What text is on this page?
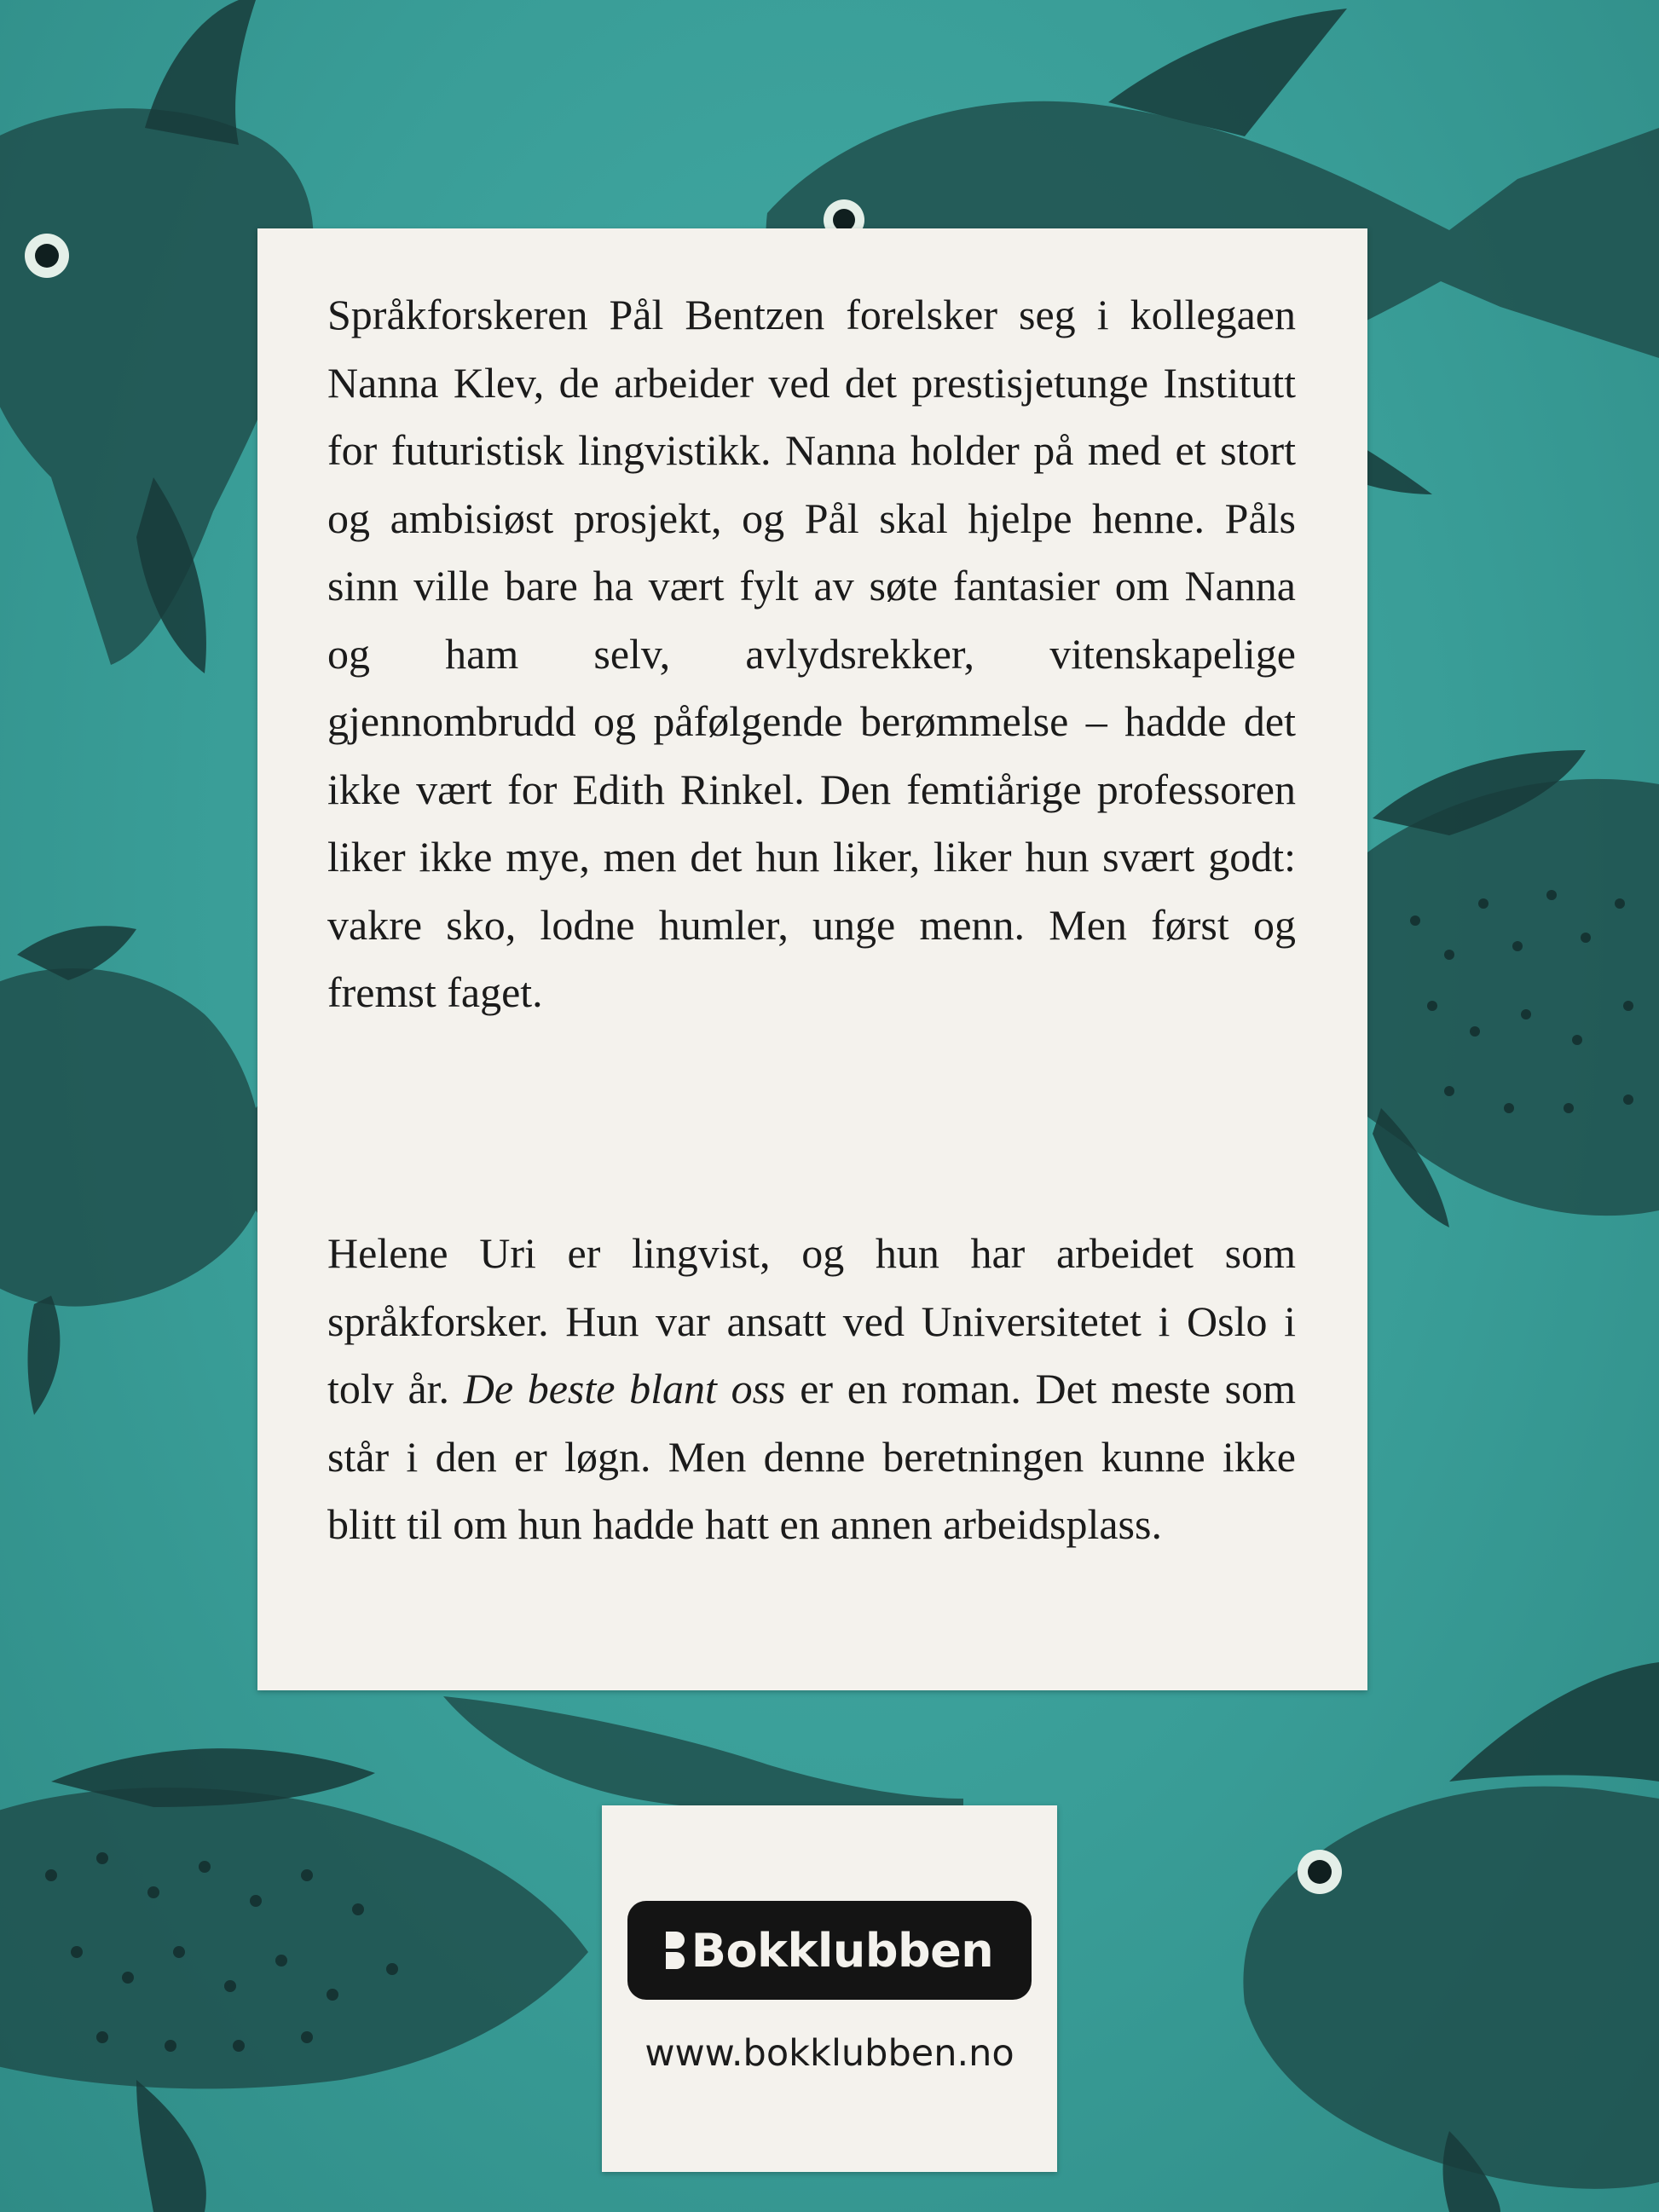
Språkforskeren Pål Bentzen forelsker seg i kollegaen Nanna Klev, de arbeider ved det prestisjetunge Institutt for futuristisk lingvistikk. Nanna holder på med et stort og ambisiøst prosjekt, og Pål skal hjelpe henne. Påls sinn ville bare ha vært fylt av søte fantasier om Nanna og ham selv, avlydsrekker, vitenskapelige gjennombrudd og påfølgende berømmelse – hadde det ikke vært for Edith Rinkel. Den femtiårige professoren liker ikke mye, men det hun liker, liker hun svært godt: vakre sko, lodne humler, unge menn. Men først og fremst faget.

Helene Uri er lingvist, og hun har arbeidet som språkforsker. Hun var ansatt ved Universitetet i Oslo i tolv år. De beste blant oss er en roman. Det meste som står i den er løgn. Men denne beretningen kunne ikke blitt til om hun hadde hatt en annen arbeidsplass.

Bokklubben
www.bokklubben.no
